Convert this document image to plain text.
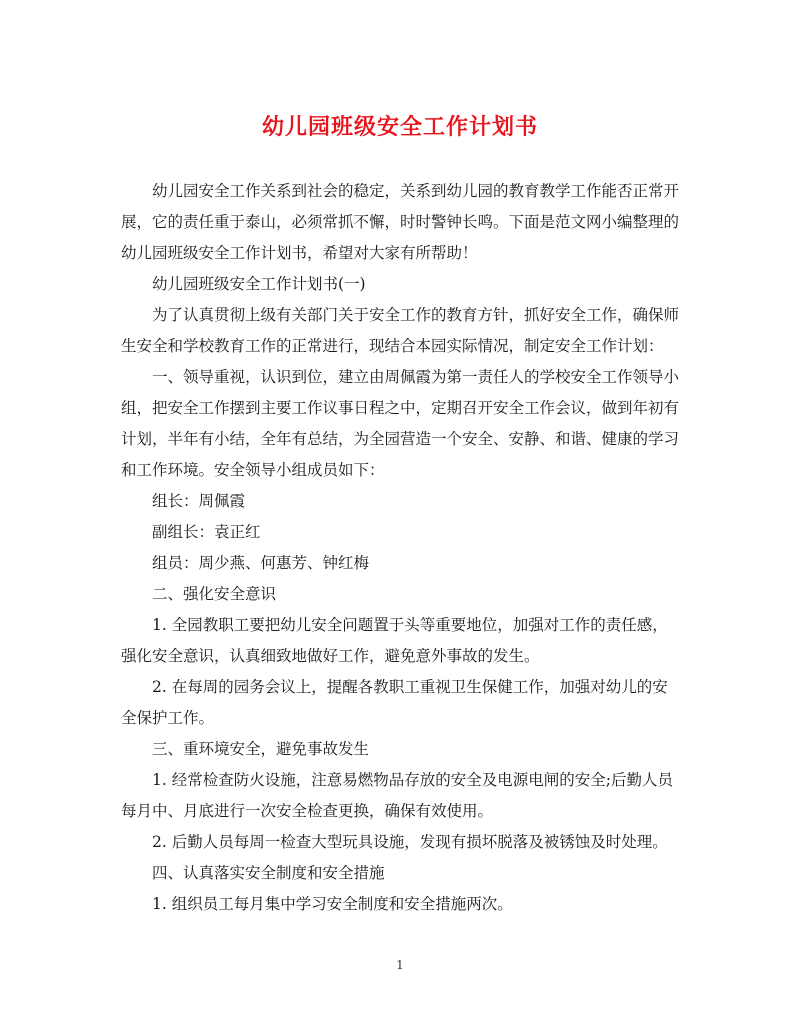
幼儿园班级安全工作计划书

幼儿园安全工作关系到社会的稳定，关系到幼儿园的教育教学工作能否正常开展，它的责任重于泰山，必须常抓不懈，时时警钟长鸣。下面是范文网小编整理的幼儿园班级安全工作计划书，希望对大家有所帮助！

幼儿园班级安全工作计划书(一)

为了认真贯彻上级有关部门关于安全工作的教育方针，抓好安全工作，确保师生安全和学校教育工作的正常进行，现结合本园实际情况，制定安全工作计划：

一、领导重视，认识到位，建立由周佩霞为第一责任人的学校安全工作领导小组，把安全工作摆到主要工作议事日程之中，定期召开安全工作会议，做到年初有计划，半年有小结，全年有总结，为全园营造一个安全、安静、和谐、健康的学习和工作环境。安全领导小组成员如下：

组长：周佩霞

副组长：袁正红

组员：周少燕、何惠芳、钟红梅

二、强化安全意识

1. 全园教职工要把幼儿安全问题置于头等重要地位，加强对工作的责任感，强化安全意识，认真细致地做好工作，避免意外事故的发生。

2. 在每周的园务会议上，提醒各教职工重视卫生保健工作，加强对幼儿的安全保护工作。

三、重环境安全，避免事故发生

1. 经常检查防火设施，注意易燃物品存放的安全及电源电闸的安全;后勤人员每月中、月底进行一次安全检查更换，确保有效使用。

2. 后勤人员每周一检查大型玩具设施，发现有损坏脱落及被锈蚀及时处理。

四、认真落实安全制度和安全措施

1. 组织员工每月集中学习安全制度和安全措施两次。

1
